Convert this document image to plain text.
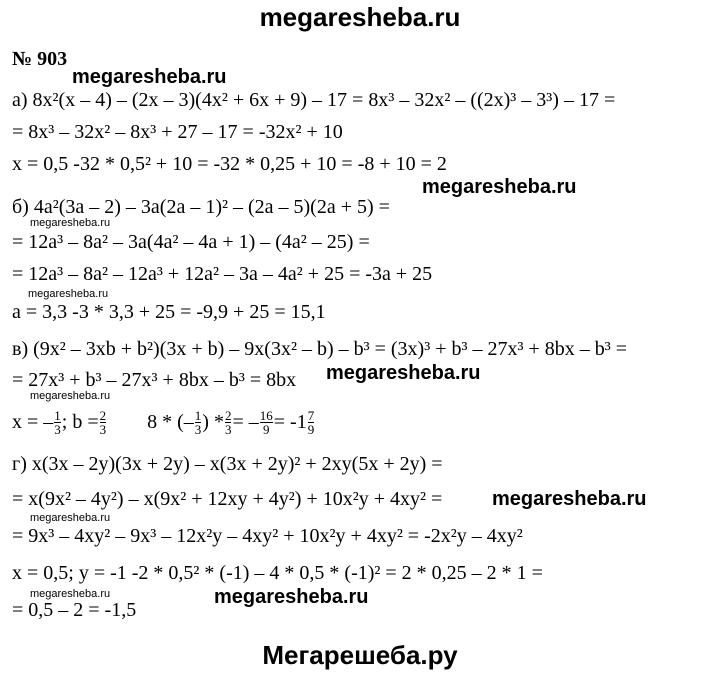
megaresheba.ru
№ 903
megaresheba.ru
а) 8x²(x – 4) – (2x – 3)(4x² + 6x + 9) – 17 = 8x³ – 32x² – ((2x)³ – 3³) – 17 =
= 8x³ – 32x² – 8x³ + 27 – 17 = -32x² + 10
x = 0,5 -32 * 0,5² + 10 = -32 * 0,25 + 10 = -8 + 10 = 2
megaresheba.ru
б) 4a²(3a – 2) – 3a(2a – 1)² – (2a – 5)(2a + 5) =
megaresheba.ru
= 12a³ – 8a² – 3a(4a² – 4a + 1) – (4a² – 25) =
= 12a³ – 8a² – 12a³ + 12a² – 3a – 4a² + 25 = -3a + 25
megaresheba.ru
a = 3,3 -3 * 3,3 + 25 = -9,9 + 25 = 15,1
в) (9x² – 3xb + b²)(3x + b) – 9x(3x² – b) – b³ = (3x)³ + b³ – 27x³ + 8bx – b³ =
= 27x³ + b³ – 27x³ + 8bx – b³ = 8bx megaresheba.ru
megaresheba.ru
x = – $\frac{1}{3}$ ; $b = \frac{2}{3} 8$ * (– $\frac{1}{3}$ ) * $\frac{2}{3}$ = – $\frac{16}{9} = -1 \frac{7}{9}$
г) x(3x – 2y)(3x + 2y) – x(3x + 2y)² + 2xy(5x + 2y) =
= x(9x² – 4y²) – x(9x² + 12xy + 4y²) + 10x²y + 4xy² = megaresheba.ru
megaresheba.ru
= 9x³ – 4xy² – 9x³ – 12x²y – 4xy² + 10x²y + 4xy² = -2x²y – 4xy²
x = 0,5; y = -1 -2 * 0,5² * (-1) – 4 * 0,5 * (-1)² = 2 * 0,25 – 2 * 1 =
megaresheba.ru	megaresheba.ru
= 0,5 – 2 = -1,5
Мегарешеба.ру
